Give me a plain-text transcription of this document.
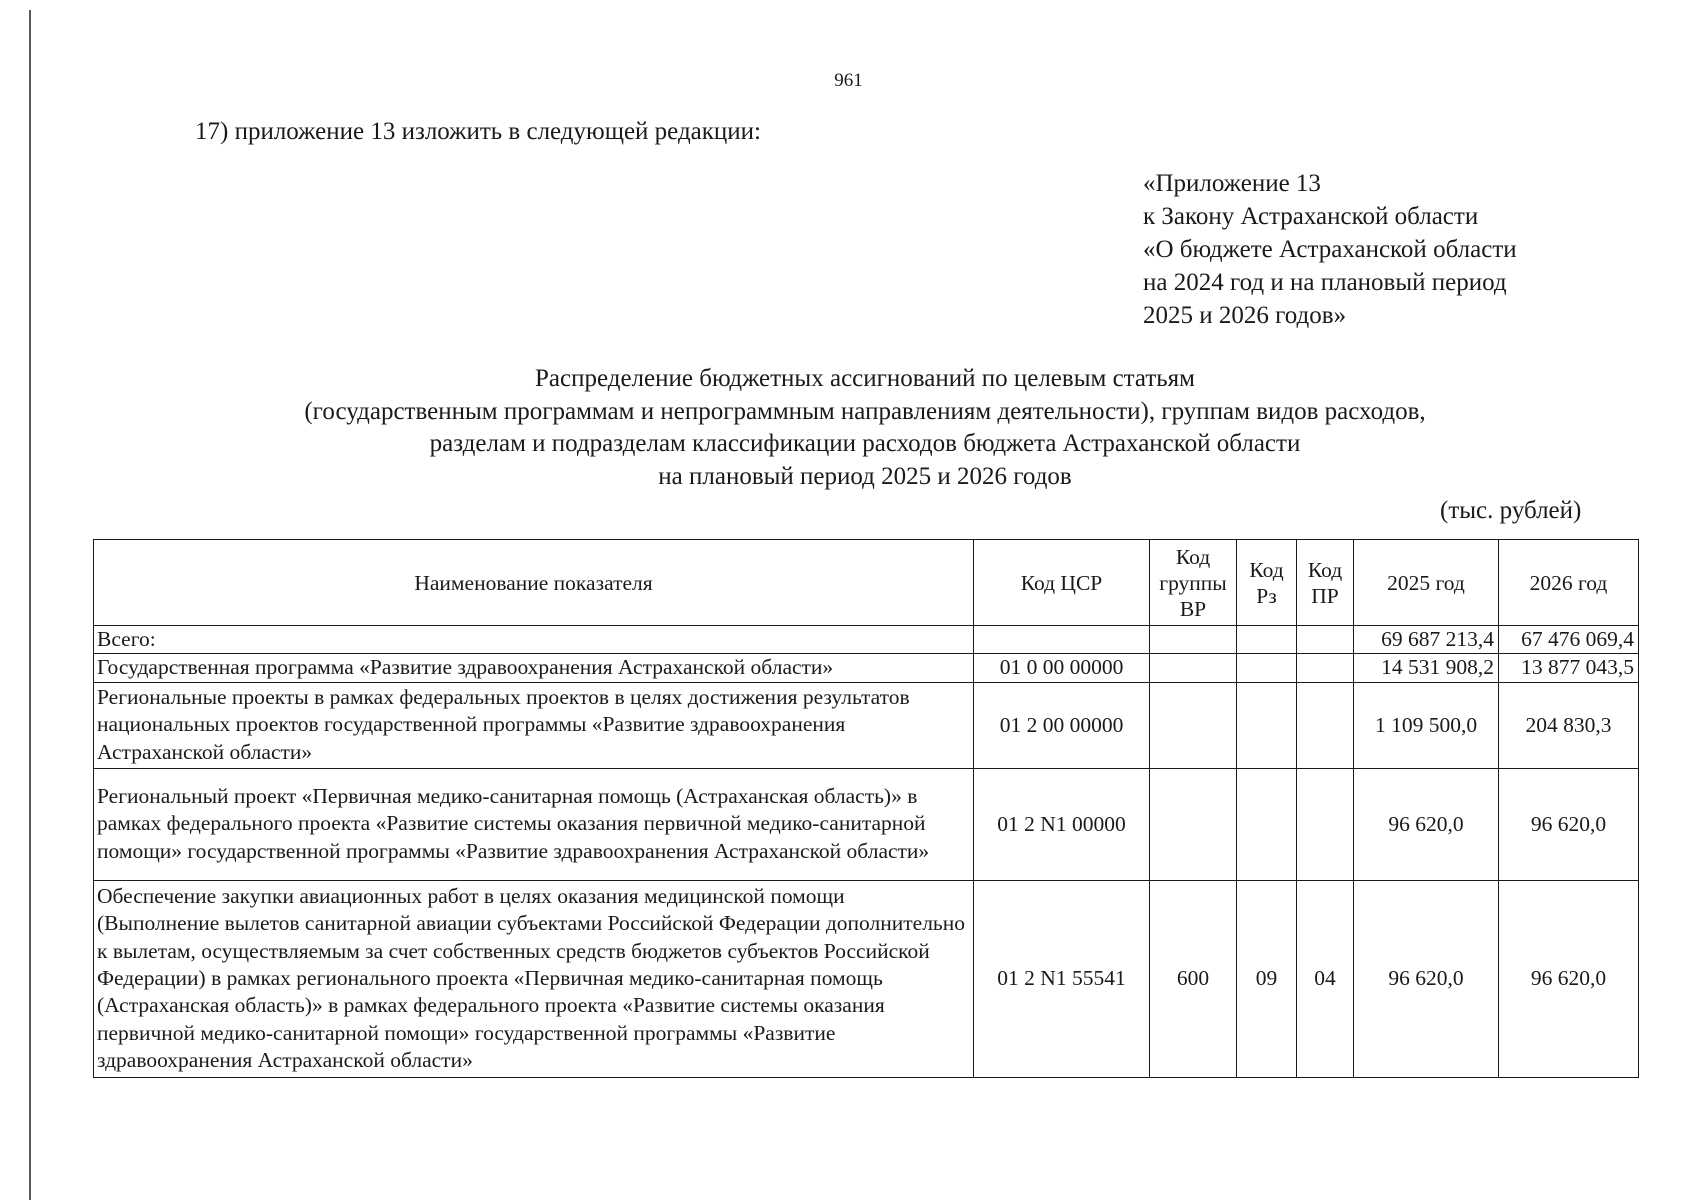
961
17) приложение 13 изложить в следующей редакции:
«Приложение 13
к Закону Астраханской области
«О бюджете Астраханской области
на 2024 год и на плановый период
2025 и 2026 годов»
Распределение бюджетных ассигнований по целевым статьям
(государственным программам и непрограммным направлениям деятельности), группам видов расходов,
разделам и подразделам классификации расходов бюджета Астраханской области
на плановый период 2025 и 2026 годов
(тыс. рублей)
Наименование показателя	Код ЦСР	Код группы ВР	Код Рз	Код ПР	2025 год	2026 год
Всего:					69 687 213,4	67 476 069,4
Государственная программа «Развитие здравоохранения Астраханской области»	01 0 00 00000				14 531 908,2	13 877 043,5
Региональные проекты в рамках федеральных проектов в целях достижения результатов национальных проектов государственной программы «Развитие здравоохранения Астраханской области»	01 2 00 00000				1 109 500,0	204 830,3
Региональный проект «Первичная медико-санитарная помощь (Астраханская область)» в рамках федерального проекта «Развитие системы оказания первичной медико-санитарной помощи» государственной программы «Развитие здравоохранения Астраханской области»	01 2 N1 00000				96 620,0	96 620,0
Обеспечение закупки авиационных работ в целях оказания медицинской помощи (Выполнение вылетов санитарной авиации субъектами Российской Федерации дополнительно к вылетам, осуществляемым за счет собственных средств бюджетов субъектов Российской Федерации) в рамках регионального проекта «Первичная медико-санитарная помощь (Астраханская область)» в рамках федерального проекта «Развитие системы оказания первичной медико-санитарной помощи» государственной программы «Развитие здравоохранения Астраханской области»	01 2 N1 55541	600	09	04	96 620,0	96 620,0
